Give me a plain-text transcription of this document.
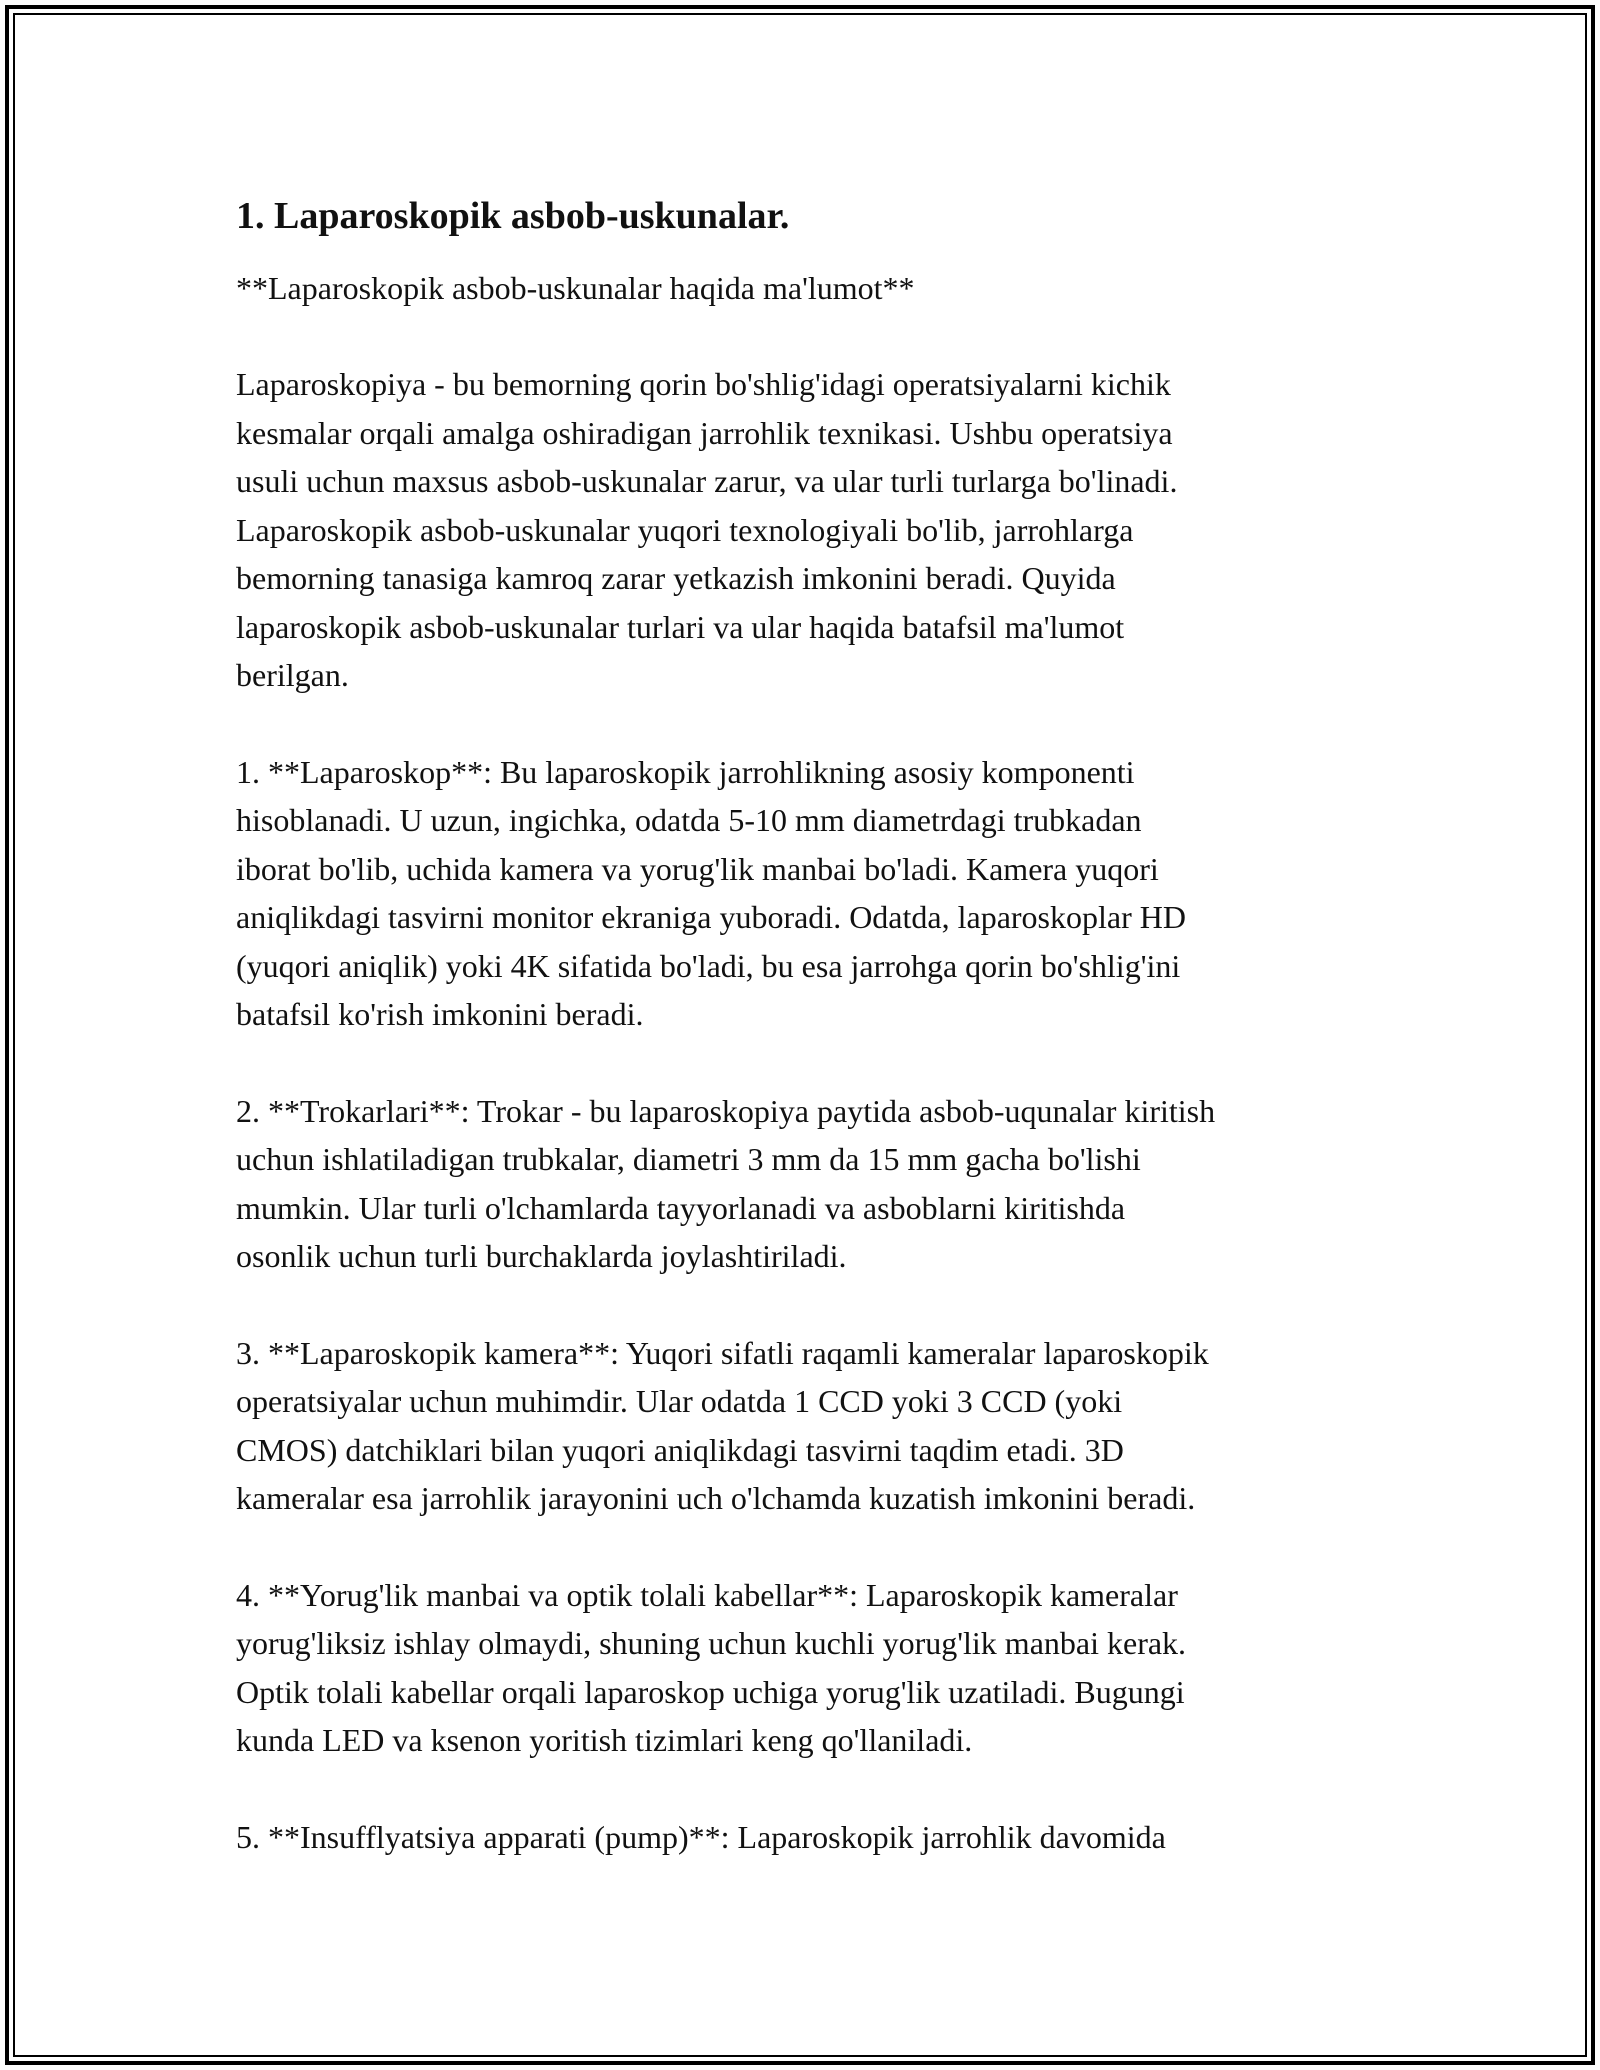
1. Laparoskopik asbob-uskunalar.

**Laparoskopik asbob-uskunalar haqida ma'lumot**

Laparoskopiya - bu bemorning qorin bo'shlig'idagi operatsiyalarni kichik
kesmalar orqali amalga oshiradigan jarrohlik texnikasi. Ushbu operatsiya
usuli uchun maxsus asbob-uskunalar zarur, va ular turli turlarga bo'linadi.
Laparoskopik asbob-uskunalar yuqori texnologiyali bo'lib, jarrohlarga
bemorning tanasiga kamroq zarar yetkazish imkonini beradi. Quyida
laparoskopik asbob-uskunalar turlari va ular haqida batafsil ma'lumot
berilgan.

1. **Laparoskop**: Bu laparoskopik jarrohlikning asosiy komponenti
hisoblanadi. U uzun, ingichka, odatda 5-10 mm diametrdagi trubkadan
iborat bo'lib, uchida kamera va yorug'lik manbai bo'ladi. Kamera yuqori
aniqlikdagi tasvirni monitor ekraniga yuboradi. Odatda, laparoskoplar HD
(yuqori aniqlik) yoki 4K sifatida bo'ladi, bu esa jarrohga qorin bo'shlig'ini
batafsil ko'rish imkonini beradi.

2. **Trokarlari**: Trokar - bu laparoskopiya paytida asbob-uqunalar kiritish
uchun ishlatiladigan trubkalar, diametri 3 mm da 15 mm gacha bo'lishi
mumkin. Ular turli o'lchamlarda tayyorlanadi va asboblarni kiritishda
osonlik uchun turli burchaklarda joylashtiriladi.

3. **Laparoskopik kamera**: Yuqori sifatli raqamli kameralar laparoskopik
operatsiyalar uchun muhimdir. Ular odatda 1 CCD yoki 3 CCD (yoki
CMOS) datchiklari bilan yuqori aniqlikdagi tasvirni taqdim etadi. 3D
kameralar esa jarrohlik jarayonini uch o'lchamda kuzatish imkonini beradi.

4. **Yorug'lik manbai va optik tolali kabellar**: Laparoskopik kameralar
yorug'liksiz ishlay olmaydi, shuning uchun kuchli yorug'lik manbai kerak.
Optik tolali kabellar orqali laparoskop uchiga yorug'lik uzatiladi. Bugungi
kunda LED va ksenon yoritish tizimlari keng qo'llaniladi.

5. **Insufflyatsiya apparati (pump)**: Laparoskopik jarrohlik davomida
